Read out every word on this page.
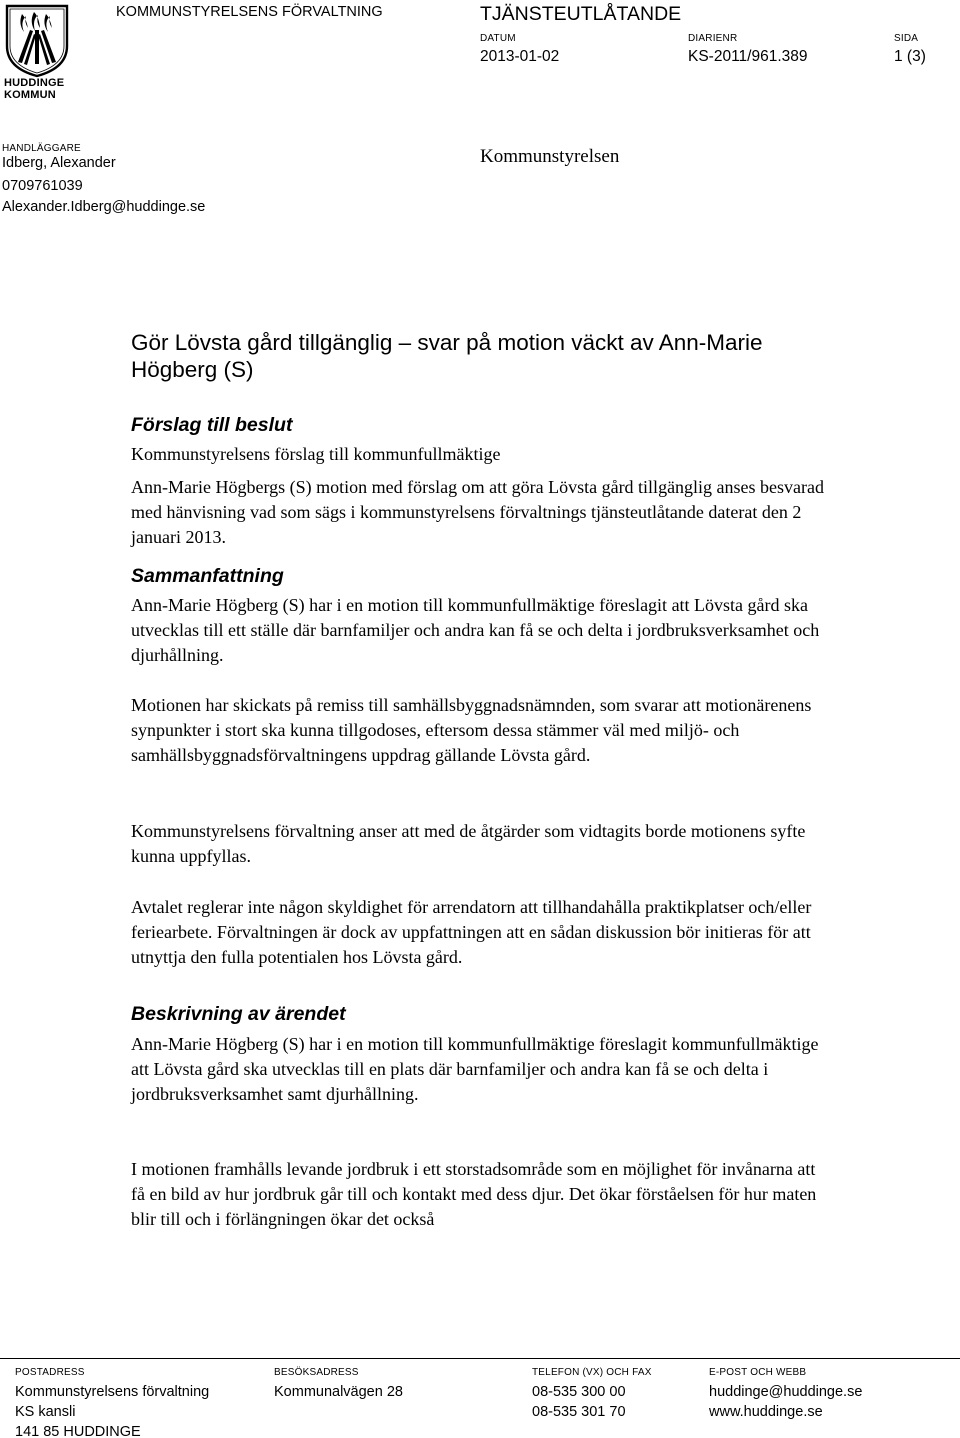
HUDDINGE
KOMMUN
KOMMUNSTYRELSENS FÖRVALTNING	TJÄNSTEUTLÅTANDE
DATUM
2013-01-02
DIARIENR
KS-2011/961.389
SIDA
1 (3)
HANDLÄGGARE
Idberg, Alexander
0709761039
Alexander.Idberg@huddinge.se
Kommunstyrelsen
Gör Lövsta gård tillgänglig – svar på motion väckt av Ann-Marie Högberg (S)
Förslag till beslut
Kommunstyrelsens förslag till kommunfullmäktige
Ann-Marie Högbergs (S) motion med förslag om att göra Lövsta gård tillgänglig anses besvarad med hänvisning vad som sägs i kommunstyrelsens förvaltnings tjänsteutlåtande daterat den 2 januari 2013.
Sammanfattning
Ann-Marie Högberg (S) har i en motion till kommunfullmäktige föreslagit att Lövsta gård ska utvecklas till ett ställe där barnfamiljer och andra kan få se och delta i jordbruksverksamhet och djurhållning.
Motionen har skickats på remiss till samhällsbyggnadsnämnden, som svarar att motionärenens synpunkter i stort ska kunna tillgodoses, eftersom dessa stämmer väl med miljö- och samhällsbyggnadsförvaltningens uppdrag gällande Lövsta gård.
Kommunstyrelsens förvaltning anser att med de åtgärder som vidtagits borde motionens syfte kunna uppfyllas.
Avtalet reglerar inte någon skyldighet för arrendatorn att tillhandahålla praktikplatser och/eller feriearbete. Förvaltningen är dock av uppfattningen att en sådan diskussion bör initieras för att utnyttja den fulla potentialen hos Lövsta gård.
Beskrivning av ärendet
Ann-Marie Högberg (S) har i en motion till kommunfullmäktige föreslagit kommunfullmäktige att Lövsta gård ska utvecklas till en plats där barnfamiljer och andra kan få se och delta i jordbruksverksamhet samt djurhållning.
I motionen framhålls levande jordbruk i ett storstadsområde som en möjlighet för invånarna att få en bild av hur jordbruk går till och kontakt med dess djur. Det ökar förståelsen för hur maten blir till och i förlängningen ökar det också
POSTADRESS
Kommunstyrelsens förvaltning
KS kansli
141 85 HUDDINGE
BESÖKSADRESS
Kommunalvägen 28
TELEFON (VX) OCH FAX
08-535 300 00
08-535 301 70
E-POST OCH WEBB
huddinge@huddinge.se
www.huddinge.se
